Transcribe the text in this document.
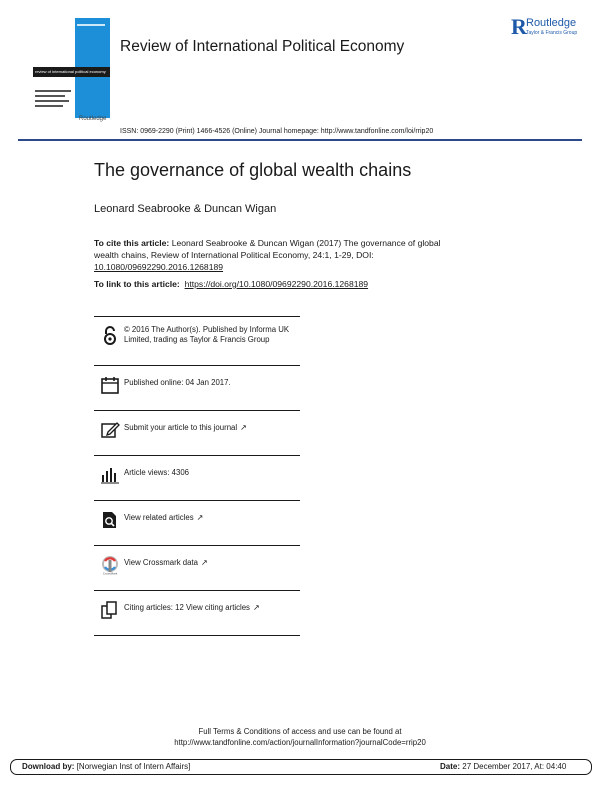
review of international political economy
Routledge
Review of International Political Economy
R Routledge
Taylor & Francis Group
ISSN: 0969-2290 (Print) 1466-4526 (Online) Journal homepage: http://www.tandfonline.com/loi/rrip20
The governance of global wealth chains
Leonard Seabrooke & Duncan Wigan
To cite this article: Leonard Seabrooke & Duncan Wigan (2017) The governance of global wealth chains, Review of International Political Economy, 24:1, 1-29, DOI: 10.1080/09692290.2016.1268189
To link to this article: https://doi.org/10.1080/09692290.2016.1268189
© 2016 The Author(s). Published by Informa UK Limited, trading as Taylor & Francis Group
Published online: 04 Jan 2017.
Submit your article to this journal ↗
Article views: 4306
View related articles ↗
CrossMark
View Crossmark data ↗
Citing articles: 12 View citing articles ↗
Full Terms & Conditions of access and use can be found at
http://www.tandfonline.com/action/journalInformation?journalCode=rrip20
Download by: [Norwegian Inst of Intern Affairs]	Date: 27 December 2017, At: 04:40
